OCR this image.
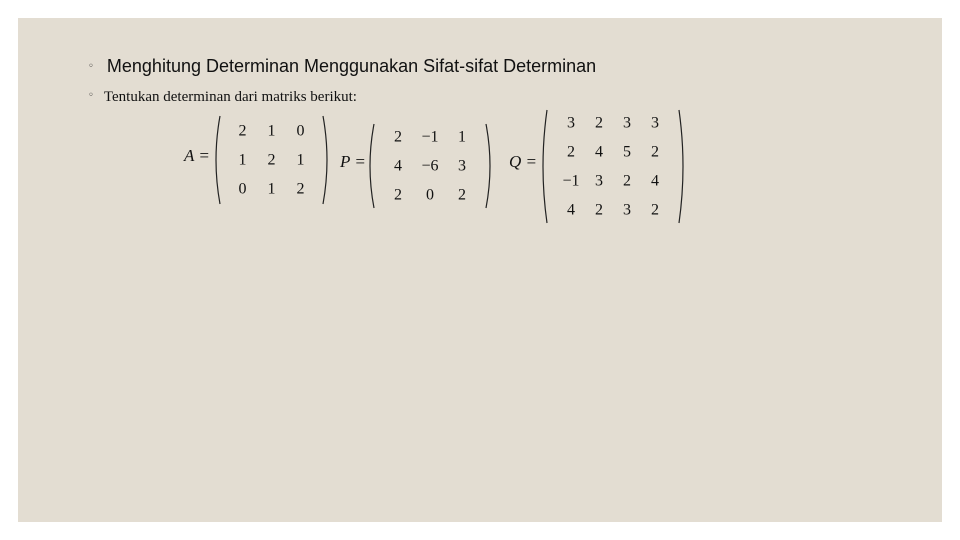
◦ Menghitung Determinan Menggunakan Sifat-sifat Determinan
◦ Tentukan determinan dari matriks berikut:
A =
2 1 0
1 2 1
0 1 2
P =
2 −1 1
4 −6 3
2 0 2
Q =
3 2 3 3
2 4 5 2
−1 3 2 4
4 2 3 2
